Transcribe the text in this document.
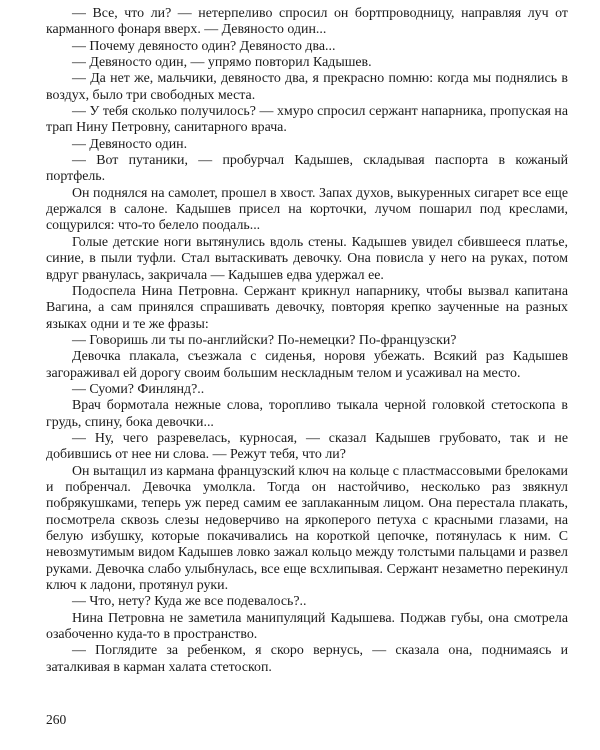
— Все, что ли? — нетерпеливо спросил он бортпроводницу, направляя луч от карманного фонаря вверх. — Девяносто один...

— Почему девяносто один? Девяносто два...

— Девяносто один, — упрямо повторил Кадышев.

— Да нет же, мальчики, девяносто два, я прекрасно помню: когда мы поднялись в воздух, было три свободных места.

— У тебя сколько получилось? — хмуро спросил сержант напарника, пропуская на трап Нину Петровну, санитарного врача.

— Девяносто один.

— Вот путаники, — пробурчал Кадышев, складывая паспорта в кожаный портфель.

Он поднялся на самолет, прошел в хвост. Запах духов, выкуренных сигарет все еще держался в салоне. Кадышев присел на корточки, лучом пошарил под креслами, сощурился: что-то белело поодаль...

Голые детские ноги вытянулись вдоль стены. Кадышев увидел сбившееся платье, синие, в пыли туфли. Стал вытаскивать девочку. Она повисла у него на руках, потом вдруг рванулась, закричала — Кадышев едва удержал ее.

Подоспела Нина Петровна. Сержант крикнул напарнику, чтобы вызвал капитана Вагина, а сам принялся спрашивать девочку, повторяя крепко заученные на разных языках одни и те же фразы:

— Говоришь ли ты по-английски? По-немецки? По-французски?

Девочка плакала, съезжала с сиденья, норовя убежать. Всякий раз Кадышев загораживал ей дорогу своим большим нескладным телом и усаживал на место.

— Суоми? Финлянд?..

Врач бормотала нежные слова, торопливо тыкала черной головкой стетоскопа в грудь, спину, бока девочки...

— Ну, чего разревелась, курносая, — сказал Кадышев грубовато, так и не добившись от нее ни слова. — Режут тебя, что ли?

Он вытащил из кармана французский ключ на кольце с пластмассовыми брелоками и побренчал. Девочка умолкла. Тогда он настойчиво, несколько раз звякнул побрякушками, теперь уж перед самим ее заплаканным лицом. Она перестала плакать, посмотрела сквозь слезы недоверчиво на яркоперого петуха с красными глазами, на белую избушку, которые покачивались на короткой цепочке, потянулась к ним. С невозмутимым видом Кадышев ловко зажал кольцо между толстыми пальцами и развел руками. Девочка слабо улыбнулась, все еще всхлипывая. Сержант незаметно перекинул ключ к ладони, протянул руки.

— Что, нету? Куда же все подевалось?..

Нина Петровна не заметила манипуляций Кадышева. Поджав губы, она смотрела озабоченно куда-то в пространство.

— Поглядите за ребенком, я скоро вернусь, — сказала она, поднимаясь и заталкивая в карман халата стетоскоп.

260
